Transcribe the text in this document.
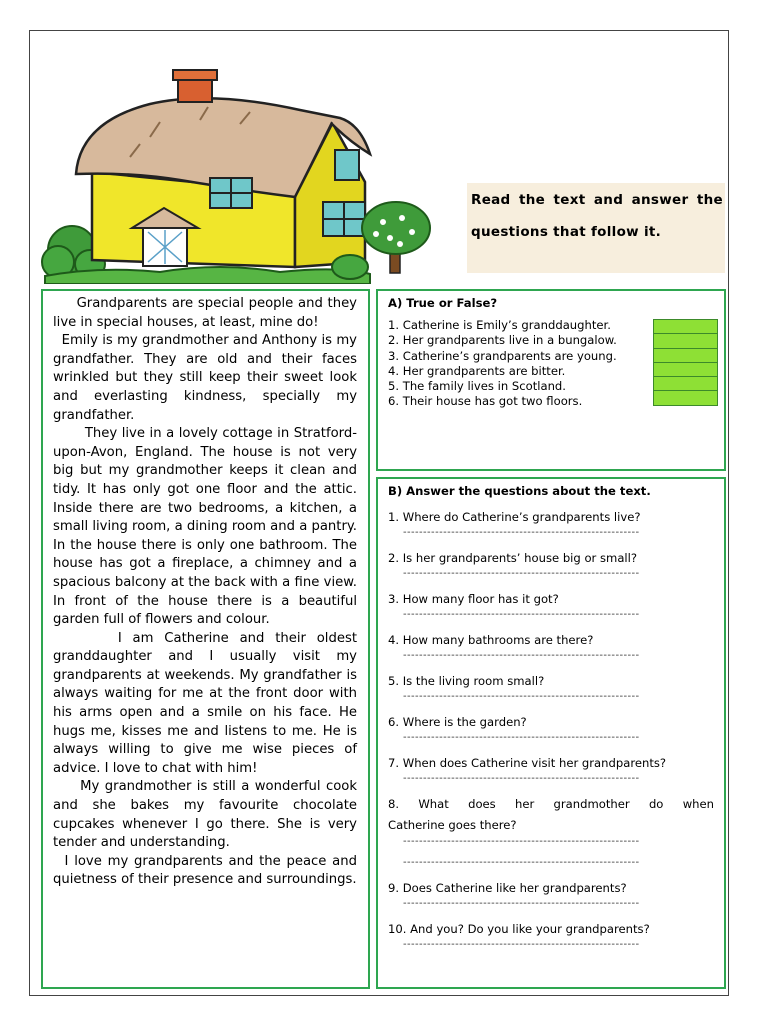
Read the text and answer the
questions that follow it.

Grandparents are special people and they live in special houses, at least, mine do!

Emily is my grandmother and Anthony is my grandfather. They are old and their faces wrinkled but they still keep their sweet look and everlasting kindness, specially my grandfather.

They live in a lovely cottage in Stratford-upon-Avon, England. The house is not very big but my grandmother keeps it clean and tidy. It has only got one floor and the attic. Inside there are two bedrooms, a kitchen, a small living room, a dining room and a pantry. In the house there is only one bathroom. The house has got a fireplace, a chimney and a spacious balcony at the back with a fine view. In front of the house there is a beautiful garden full of flowers and colour.

I am Catherine and their oldest granddaughter and I usually visit my grandparents at weekends. My grandfather is always waiting for me at the front door with his arms open and a smile on his face. He hugs me, kisses me and listens to me. He is always willing to give me wise pieces of advice. I love to chat with him!

My grandmother is still a wonderful cook and she bakes my favourite chocolate cupcakes whenever I go there. She is very tender and understanding.

I love my grandparents and the peace and quietness of their presence and surroundings.

A) True or False?
1. Catherine is Emily’s granddaughter.
2. Her grandparents live in a bungalow.
3. Catherine’s grandparents are young.
4. Her grandparents are bitter.
5. The family lives in Scotland.
6. Their house has got two floors.
B) Answer the questions about the text.
1. Where do Catherine’s grandparents live?
-----------------------------------------------------------
2. Is her grandparents’ house big or small?
-----------------------------------------------------------
3. How many floor has it got?
-----------------------------------------------------------
4. How many bathrooms are there?
-----------------------------------------------------------
5. Is the living room small?
-----------------------------------------------------------
6. Where is the garden?
-----------------------------------------------------------
7. When does Catherine visit her grandparents?
-----------------------------------------------------------
8. What does her grandmother do when
Catherine goes there?
-----------------------------------------------------------
-----------------------------------------------------------
9. Does Catherine like her grandparents?
-----------------------------------------------------------
10. And you? Do you like your grandparents?
-----------------------------------------------------------
